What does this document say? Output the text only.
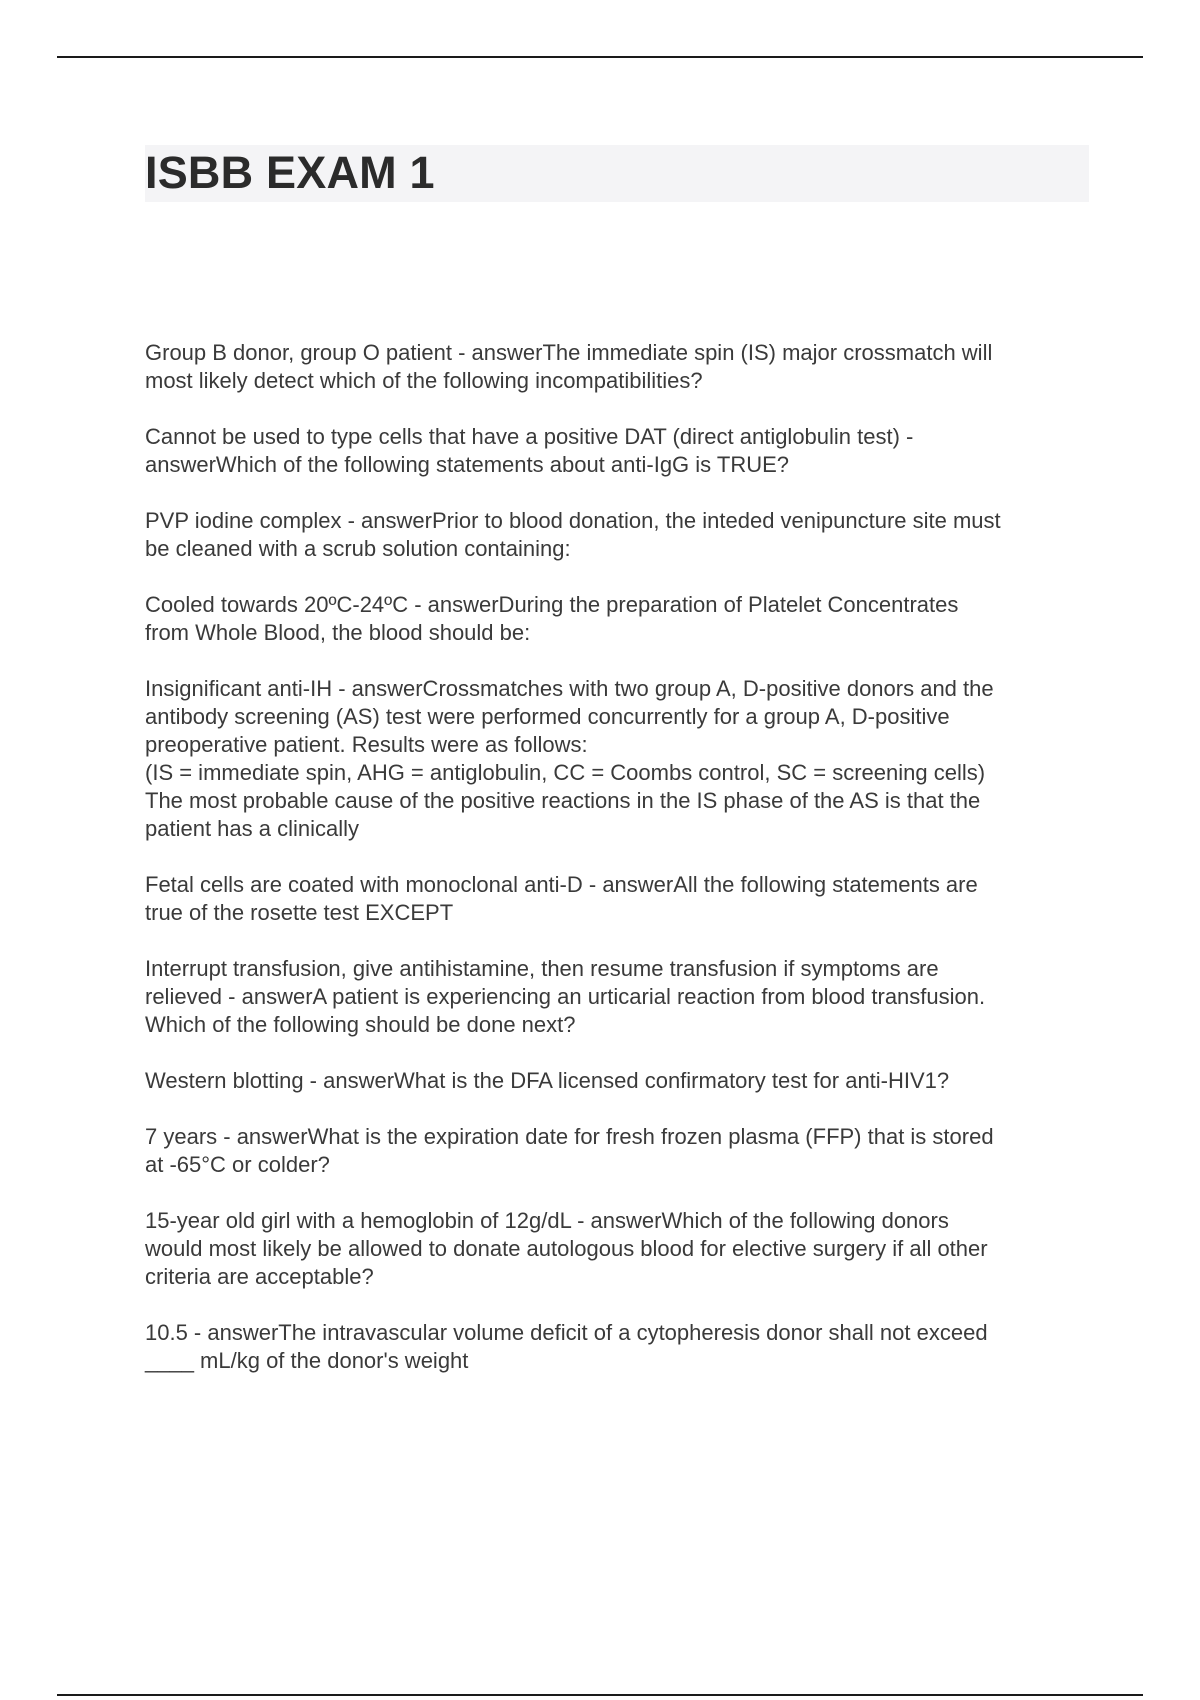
ISBB EXAM 1
Group B donor, group O patient - answerThe immediate spin (IS) major crossmatch will
most likely detect which of the following incompatibilities?
Cannot be used to type cells that have a positive DAT (direct antiglobulin test) -
answerWhich of the following statements about anti-IgG is TRUE?
PVP iodine complex - answerPrior to blood donation, the inteded venipuncture site must
be cleaned with a scrub solution containing:
Cooled towards 20ºC-24ºC - answerDuring the preparation of Platelet Concentrates
from Whole Blood, the blood should be:
Insignificant anti-IH - answerCrossmatches with two group A, D-positive donors and the
antibody screening (AS) test were performed concurrently for a group A, D-positive
preoperative patient. Results were as follows:
(IS = immediate spin, AHG = antiglobulin, CC = Coombs control, SC = screening cells)
The most probable cause of the positive reactions in the IS phase of the AS is that the
patient has a clinically
Fetal cells are coated with monoclonal anti-D - answerAll the following statements are
true of the rosette test EXCEPT
Interrupt transfusion, give antihistamine, then resume transfusion if symptoms are
relieved - answerA patient is experiencing an urticarial reaction from blood transfusion.
Which of the following should be done next?
Western blotting - answerWhat is the DFA licensed confirmatory test for anti-HIV1?
7 years - answerWhat is the expiration date for fresh frozen plasma (FFP) that is stored
at -65°C or colder?
15-year old girl with a hemoglobin of 12g/dL - answerWhich of the following donors
would most likely be allowed to donate autologous blood for elective surgery if all other
criteria are acceptable?
10.5 - answerThe intravascular volume deficit of a cytopheresis donor shall not exceed
____ mL/kg of the donor's weight
